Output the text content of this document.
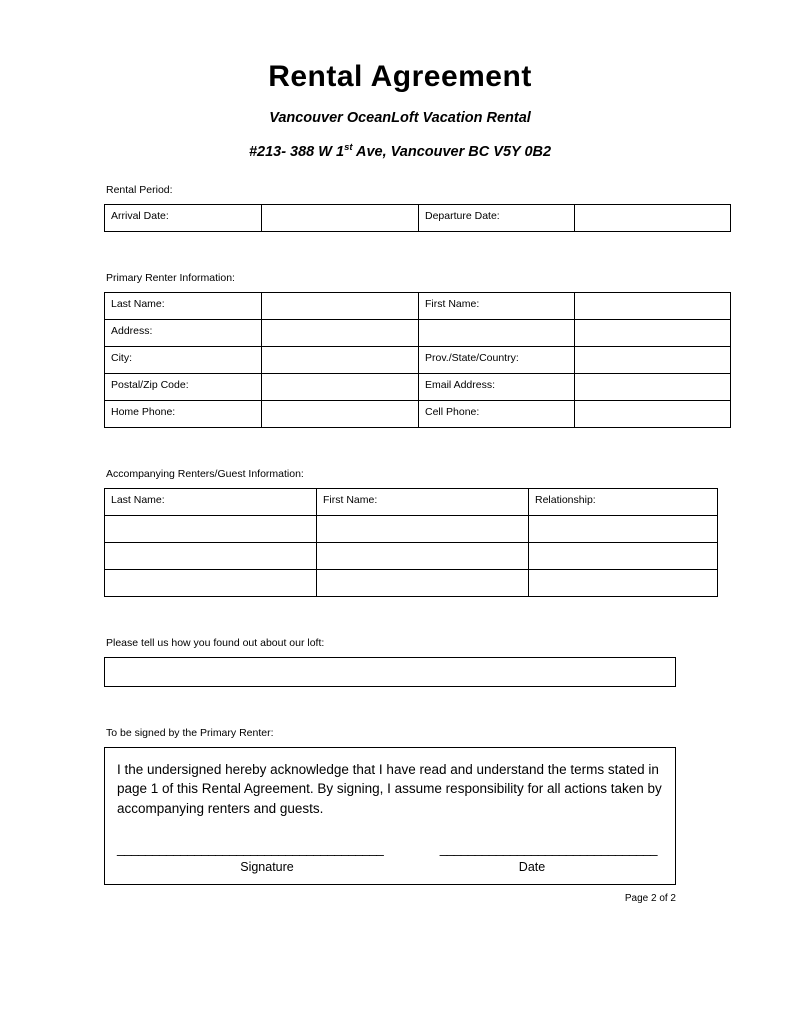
Rental Agreement
Vancouver OceanLoft Vacation Rental
#213- 388 W 1st Ave, Vancouver BC V5Y 0B2
Rental Period:
Arrival Date:		Departure Date:	
Primary Renter Information:
Last Name:		First Name:	
Address:			
City:		Prov./State/Country:	
Postal/Zip Code:		Email Address:	
Home Phone:		Cell Phone:	
Accompanying Renters/Guest Information:
Last Name:	First Name:	Relationship:

Please tell us how you found out about our loft:
To be signed by the Primary Renter:

I the undersigned hereby acknowledge that I have read and understand the terms stated in page 1 of this Rental Agreement. By signing, I assume responsibility for all actions taken by accompanying renters and guests.

______________________________________	_______________________________
Signature	Date
Page 2 of 2
